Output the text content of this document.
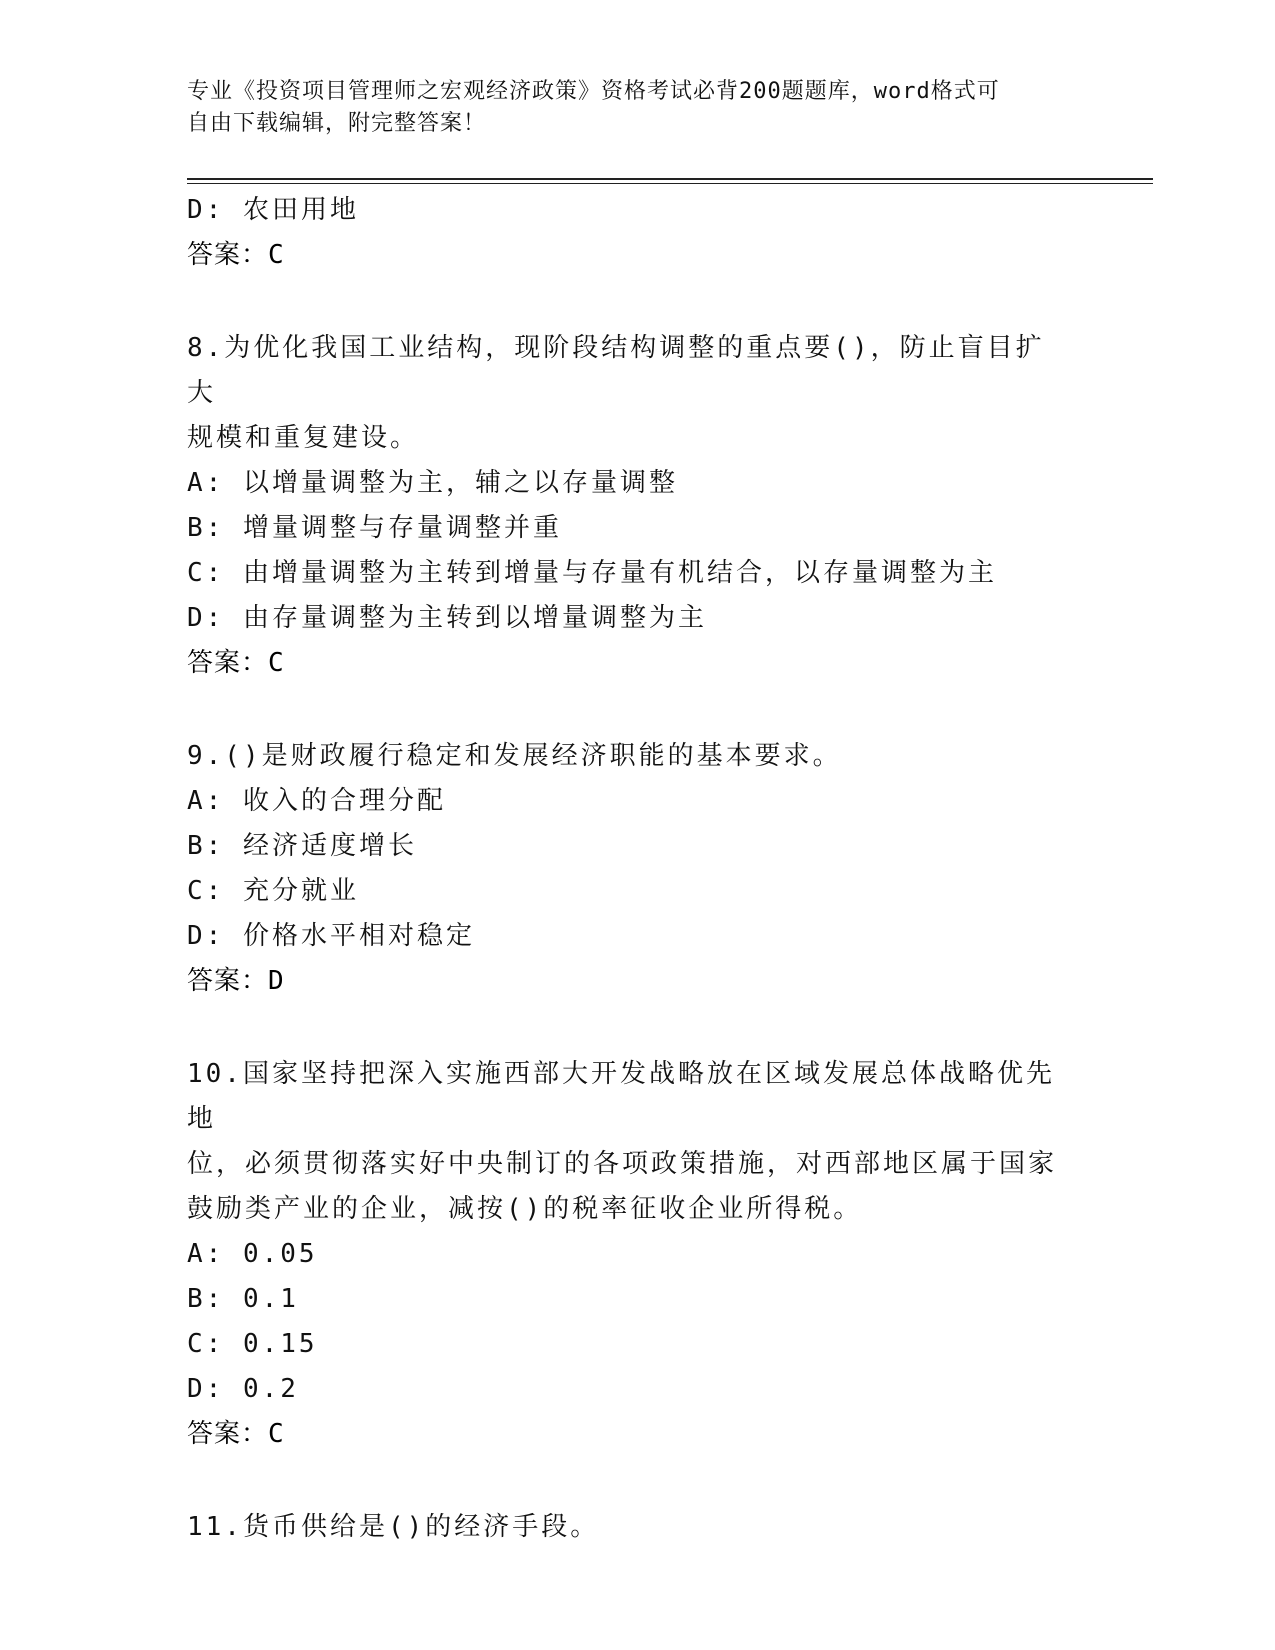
专业《投资项目管理师之宏观经济政策》资格考试必背200题题库，word格式可
自由下载编辑，附完整答案！
D: 农田用地
答案：C
8.为优化我国工业结构，现阶段结构调整的重点要()，防止盲目扩大
规模和重复建设。
A: 以增量调整为主，辅之以存量调整
B: 增量调整与存量调整并重
C: 由增量调整为主转到增量与存量有机结合，以存量调整为主
D: 由存量调整为主转到以增量调整为主
答案：C
9.()是财政履行稳定和发展经济职能的基本要求。
A: 收入的合理分配
B: 经济适度增长
C: 充分就业
D: 价格水平相对稳定
答案：D
10.国家坚持把深入实施西部大开发战略放在区域发展总体战略优先地
位，必须贯彻落实好中央制订的各项政策措施，对西部地区属于国家
鼓励类产业的企业，减按()的税率征收企业所得税。
A: 0.05
B: 0.1
C: 0.15
D: 0.2
答案：C
11.货币供给是()的经济手段。
